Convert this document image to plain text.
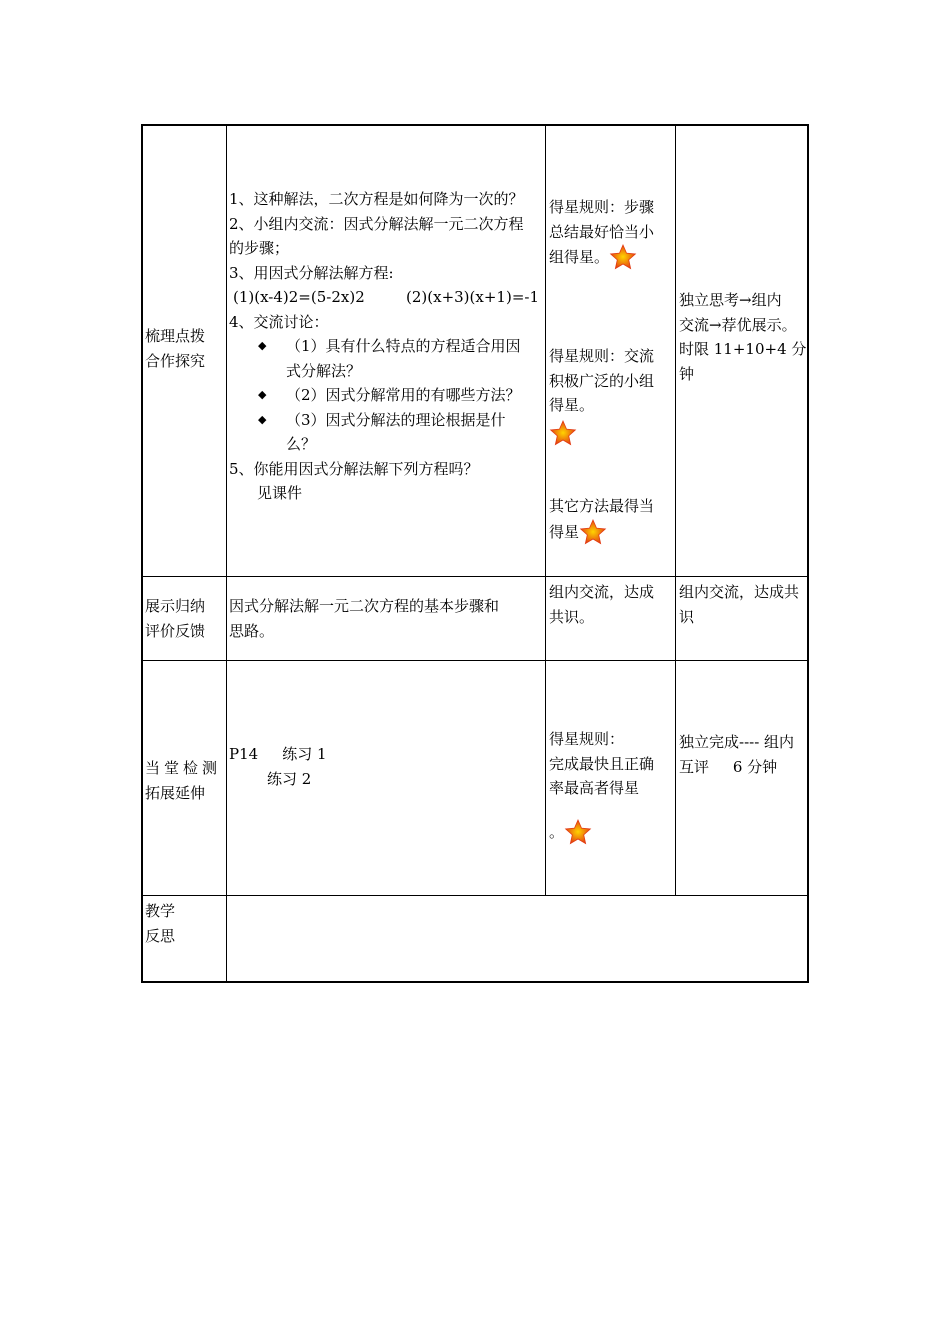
梳理点拨
合作探究
1、这种解法，二次方程是如何降为一次的？
2、小组内交流：因式分解法解一元二次方程
的步骤；
3、用因式分解法解方程:
(1)(x-4)2=(5-2x)2	(2)(x+3)(x+1)=-1
4、交流讨论：
◆ （1）具有什么特点的方程适合用因
式分解法？
◆ （2）因式分解常用的有哪些方法？
◆ （3）因式分解法的理论根据是什
么？
5、你能用因式分解法解下列方程吗？
见课件
得星规则：步骤
总结最好恰当小
组得星。
得星规则：交流
积极广泛的小组
得星。
其它方法最得当
得星
独立思考→组内
交流→荐优展示。
时限 11+10+4 分
钟
展示归纳
评价反馈
因式分解法解一元二次方程的基本步骤和
思路。
组内交流，达成
共识。
组内交流，达成共
识
当堂检测
拓展延伸
P14 练习 1
练习 2
得星规则：
完成最快且正确
率最高者得星
。
独立完成---- 组内
互评     6 分钟
教学
反思
